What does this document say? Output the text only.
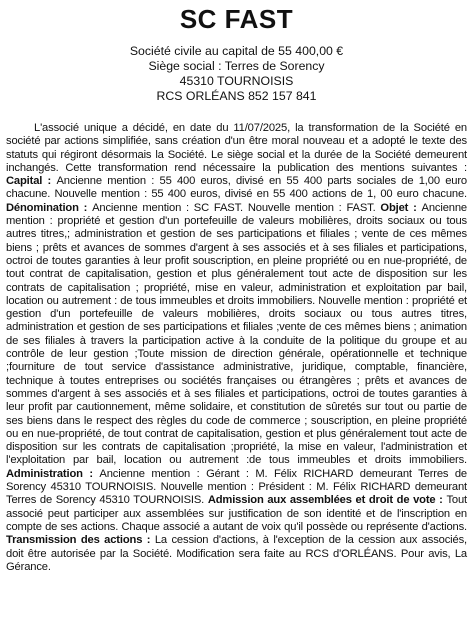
SC FAST
Société civile au capital de 55 400,00 €
Siège social : Terres de Sorency
45310 TOURNOISIS
RCS ORLÉANS 852 157 841

L'associé unique a décidé, en date du 11/07/2025, la transformation de la Société en société par actions simplifiée, sans création d'un être moral nouveau et a adopté le texte des statuts qui régiront désormais la Société. Le siège social et la durée de la Société demeurent inchangés. Cette transformation rend nécessaire la publication des mentions suivantes : Capital : Ancienne mention : 55 400 euros, divisé en 55 400 parts sociales de 1,00 euro chacune. Nouvelle mention : 55 400 euros, divisé en 55 400 actions de 1, 00 euro chacune. Dénomination : Ancienne mention : SC FAST. Nouvelle mention : FAST. Objet : Ancienne mention : propriété et gestion d'un portefeuille de valeurs mobilières, droits sociaux ou tous autres titres,; administration et gestion de ses participations et filiales ; vente de ces mêmes biens ; prêts et avances de sommes d'argent à ses associés et à ses filiales et participations, octroi de toutes garanties à leur profit souscription, en pleine propriété ou en nue-propriété, de tout contrat de capitalisation, gestion et plus généralement tout acte de disposition sur les contrats de capitalisation ; propriété, mise en valeur, administration et exploitation par bail, location ou autrement : de tous immeubles et droits immobiliers. Nouvelle mention : propriété et gestion d'un portefeuille de valeurs mobilières, droits sociaux ou tous autres titres, administration et gestion de ses participations et filiales ;vente de ces mêmes biens ; animation de ses filiales à travers la participation active à la conduite de la politique du groupe et au contrôle de leur gestion ;Toute mission de direction générale, opérationnelle et technique ;fourniture de tout service d'assistance administrative, juridique, comptable, financière, technique à toutes entreprises ou sociétés françaises ou étrangères ; prêts et avances de sommes d'argent à ses associés et à ses filiales et participations, octroi de toutes garanties à leur profit par cautionnement, même solidaire, et constitution de sûretés sur tout ou partie de ses biens dans le respect des règles du code de commerce ; souscription, en pleine propriété ou en nue-propriété, de tout contrat de capitalisation, gestion et plus généralement tout acte de disposition sur les contrats de capitalisation ;propriété, la mise en valeur, l'administration et l'exploitation par bail, location ou autrement :de tous immeubles et droits immobiliers. Administration : Ancienne mention : Gérant : M. Félix RICHARD demeurant Terres de Sorency 45310 TOURNOISIS. Nouvelle mention : Président : M. Félix RICHARD demeurant Terres de Sorency 45310 TOURNOISIS. Admission aux assemblées et droit de vote : Tout associé peut participer aux assemblées sur justification de son identité et de l'inscription en compte de ses actions. Chaque associé a autant de voix qu'il possède ou représente d'actions. Transmission des actions : La cession d'actions, à l'exception de la cession aux associés, doit être autorisée par la Société. Modification sera faite au RCS d'ORLÉANS. Pour avis, La Gérance.
